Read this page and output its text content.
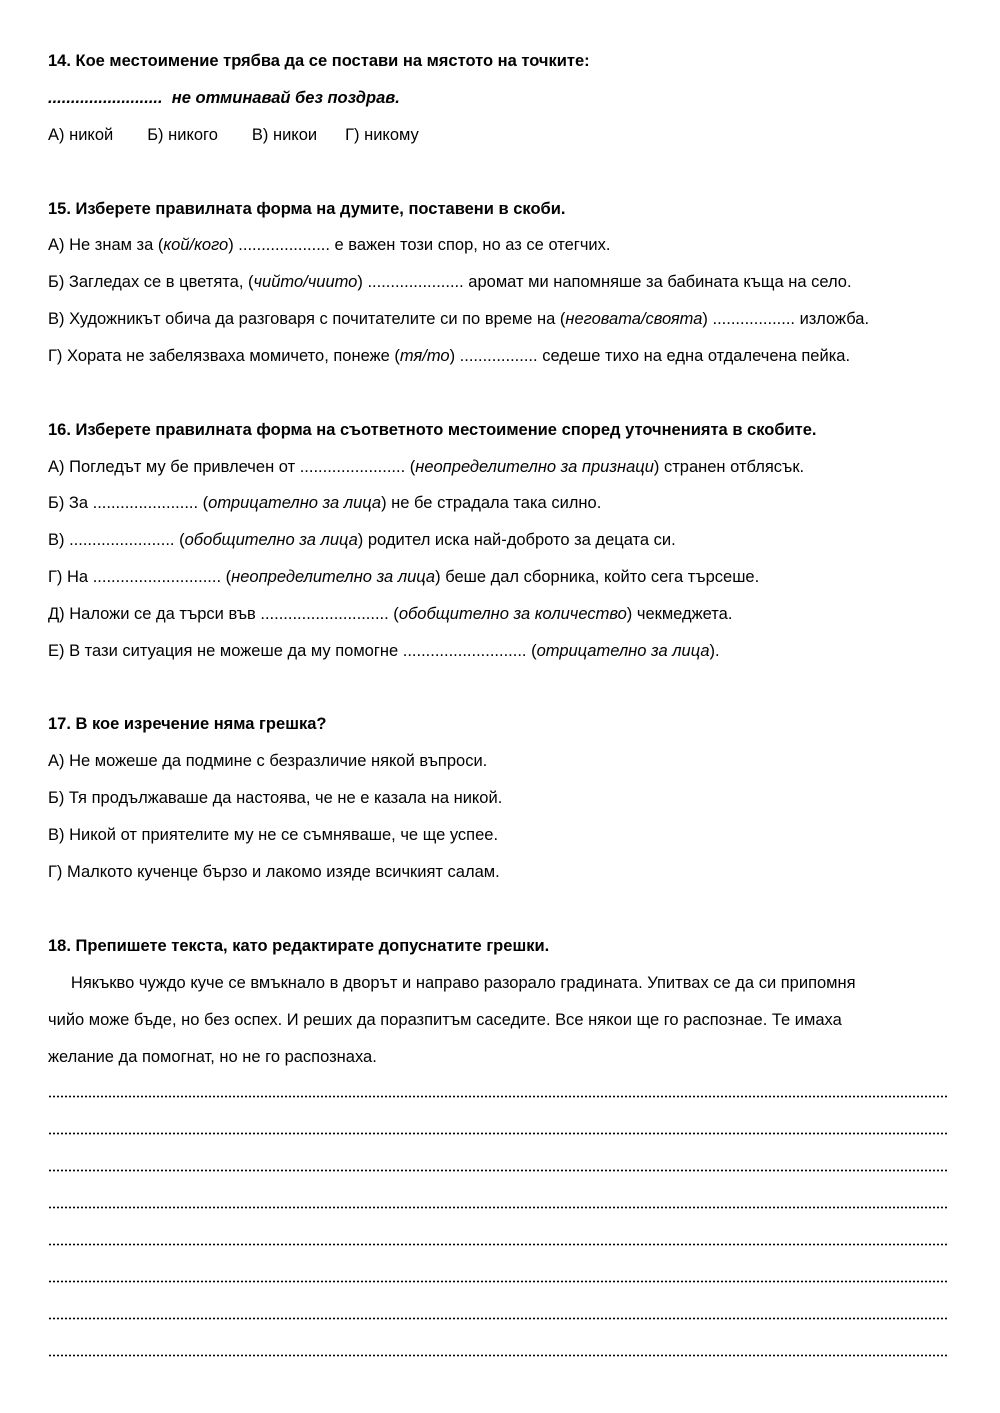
14. Кое местоимение трябва да се постави на мястото на точките:
......................... не отминавай без поздрав.
А) никой Б) никого В) никои Г) никому
15. Изберете правилната форма на думите, поставени в скоби.
А) Не знам за (кой/кого) .................... е важен този спор, но аз се отегчих.
Б) Загледах се в цветята, (чийто/чиито) ..................... аромат ми напомняше за бабината къща на село.
В) Художникът обича да разговаря с почитателите си по време на (неговата/своята) .................. изложба.
Г) Хората не забелязваха момичето, понеже (тя/то) ................. седеше тихо на една отдалечена пейка.
16. Изберете правилната форма на съответното местоимение според уточненията в скобите.
А) Погледът му бе привлечен от ....................... (неопределително за признаци) странен отблясък.
Б) За ....................... (отрицателно за лица) не бе страдала така силно.
В) ....................... (обобщително за лица) родител иска най-доброто за децата си.
Г) На ............................ (неопределително за лица) беше дал сборника, който сега търсеше.
Д) Наложи се да търси във ............................ (обобщително за количество) чекмеджета.
Е) В тази ситуация не можеше да му помогне ........................... (отрицателно за лица).
17. В кое изречение няма грешка?
А) Не можеше да подмине с безразличие някой въпроси.
Б) Тя продължаваше да настоява, че не е казала на никой.
В) Никой от приятелите му не се съмняваше, че ще успее.
Г) Малкото кученце бързо и лакомо изяде всичкият салам.
18. Препишете текста, като редактирате допуснатите грешки.
Някъкво чуждо куче се вмъкнало в дворът и направо разорало градината. Упитвах се да си припомня
чийо може бъде, но без оспех. И реших да поразпитъм саседите. Все някои ще го распознае. Те имаха
желание да помогнат, но не го распознаха.
